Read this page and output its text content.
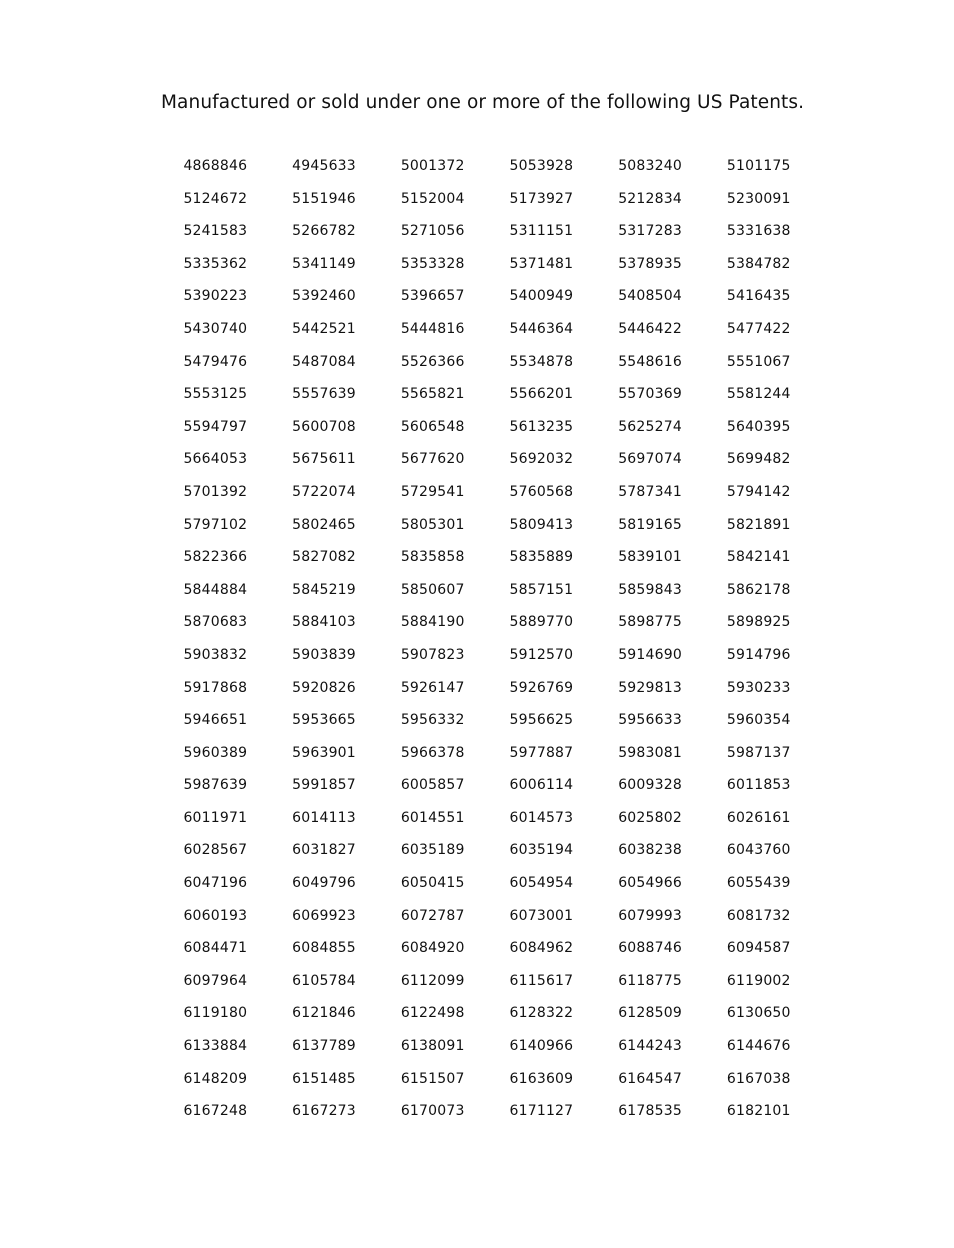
Manufactured or sold under one or more of the following US Patents.
4868846	4945633	5001372	5053928	5083240	5101175
5124672	5151946	5152004	5173927	5212834	5230091
5241583	5266782	5271056	5311151	5317283	5331638
5335362	5341149	5353328	5371481	5378935	5384782
5390223	5392460	5396657	5400949	5408504	5416435
5430740	5442521	5444816	5446364	5446422	5477422
5479476	5487084	5526366	5534878	5548616	5551067
5553125	5557639	5565821	5566201	5570369	5581244
5594797	5600708	5606548	5613235	5625274	5640395
5664053	5675611	5677620	5692032	5697074	5699482
5701392	5722074	5729541	5760568	5787341	5794142
5797102	5802465	5805301	5809413	5819165	5821891
5822366	5827082	5835858	5835889	5839101	5842141
5844884	5845219	5850607	5857151	5859843	5862178
5870683	5884103	5884190	5889770	5898775	5898925
5903832	5903839	5907823	5912570	5914690	5914796
5917868	5920826	5926147	5926769	5929813	5930233
5946651	5953665	5956332	5956625	5956633	5960354
5960389	5963901	5966378	5977887	5983081	5987137
5987639	5991857	6005857	6006114	6009328	6011853
6011971	6014113	6014551	6014573	6025802	6026161
6028567	6031827	6035189	6035194	6038238	6043760
6047196	6049796	6050415	6054954	6054966	6055439
6060193	6069923	6072787	6073001	6079993	6081732
6084471	6084855	6084920	6084962	6088746	6094587
6097964	6105784	6112099	6115617	6118775	6119002
6119180	6121846	6122498	6128322	6128509	6130650
6133884	6137789	6138091	6140966	6144243	6144676
6148209	6151485	6151507	6163609	6164547	6167038
6167248	6167273	6170073	6171127	6178535	6182101
